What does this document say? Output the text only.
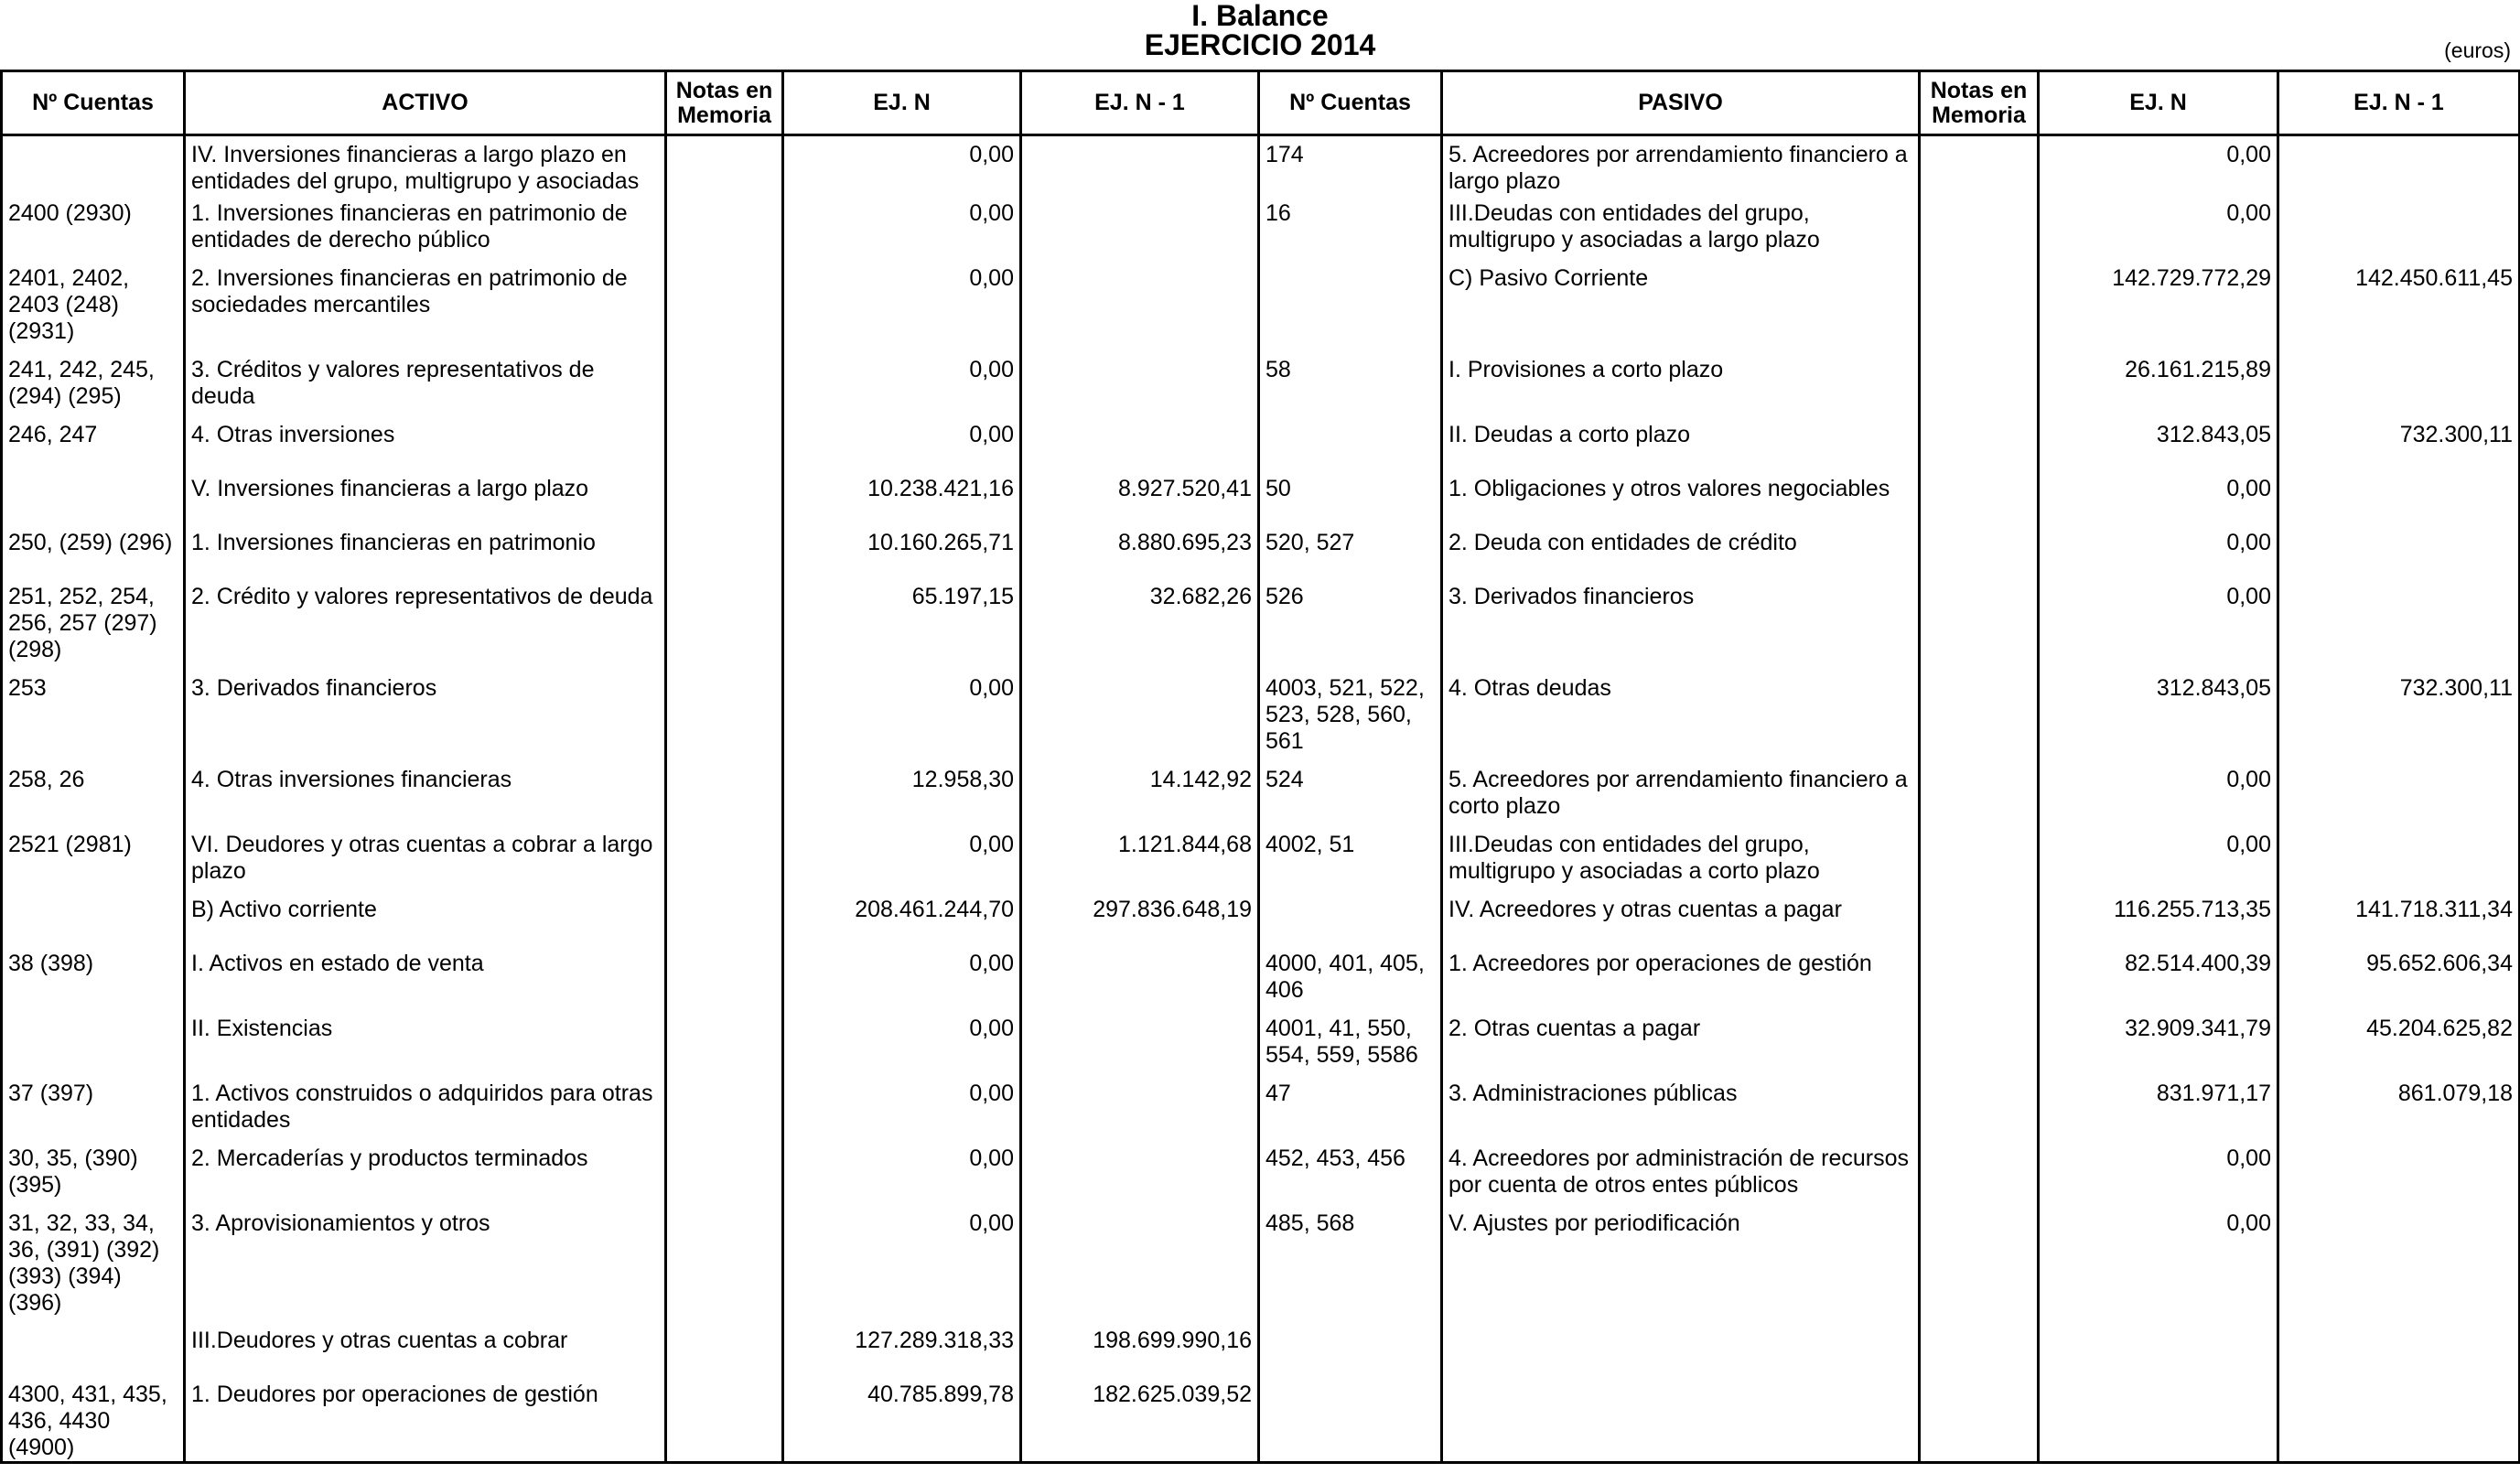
I. Balance
EJERCICIO 2014	(euros)
Nº Cuentas	ACTIVO	Notas en Memoria	EJ. N	EJ. N - 1	Nº Cuentas	PASIVO	Notas en Memoria	EJ. N	EJ. N - 1
	IV. Inversiones financieras a largo plazo en entidades del grupo, multigrupo y asociadas		0,00		174	5. Acreedores por arrendamiento financiero a largo plazo		0,00	
2400 (2930)	1. Inversiones financieras en patrimonio de entidades de derecho público		0,00		16	III.Deudas con entidades del grupo, multigrupo y asociadas a largo plazo		0,00	
2401, 2402, 2403 (248) (2931)	2. Inversiones financieras en patrimonio de sociedades mercantiles		0,00			C) Pasivo Corriente		142.729.772,29	142.450.611,45
241, 242, 245, (294) (295)	3. Créditos y valores representativos de deuda		0,00		58	I. Provisiones a corto plazo		26.161.215,89	
246, 247	4. Otras inversiones		0,00			II. Deudas a corto plazo		312.843,05	732.300,11
	V. Inversiones financieras a largo plazo		10.238.421,16	8.927.520,41	50	1. Obligaciones y otros valores negociables		0,00	
250, (259) (296)	1. Inversiones financieras en patrimonio		10.160.265,71	8.880.695,23	520, 527	2. Deuda con entidades de crédito		0,00	
251, 252, 254, 256, 257 (297) (298)	2. Crédito y valores representativos de deuda		65.197,15	32.682,26	526	3. Derivados financieros		0,00	
253	3. Derivados financieros		0,00		4003, 521, 522, 523, 528, 560, 561	4. Otras deudas		312.843,05	732.300,11
258, 26	4. Otras inversiones financieras		12.958,30	14.142,92	524	5. Acreedores por arrendamiento financiero a corto plazo		0,00	
2521 (2981)	VI. Deudores y otras cuentas a cobrar a largo plazo		0,00	1.121.844,68	4002, 51	III.Deudas con entidades del grupo, multigrupo y asociadas a corto plazo		0,00	
	B) Activo corriente		208.461.244,70	297.836.648,19		IV. Acreedores y otras cuentas a pagar		116.255.713,35	141.718.311,34
38 (398)	I. Activos en estado de venta		0,00		4000, 401, 405, 406	1. Acreedores por operaciones de gestión		82.514.400,39	95.652.606,34
	II. Existencias		0,00		4001, 41, 550, 554, 559, 5586	2. Otras cuentas a pagar		32.909.341,79	45.204.625,82
37 (397)	1. Activos construidos o adquiridos para otras entidades		0,00		47	3. Administraciones públicas		831.971,17	861.079,18
30, 35, (390) (395)	2. Mercaderías y productos terminados		0,00		452, 453, 456	4. Acreedores por administración de recursos por cuenta de otros entes públicos		0,00	
31, 32, 33, 34, 36, (391) (392) (393) (394) (396)	3. Aprovisionamientos y otros		0,00		485, 568	V. Ajustes por periodificación		0,00	
	III.Deudores y otras cuentas a cobrar		127.289.318,33	198.699.990,16					
4300, 431, 435, 436, 4430 (4900)	1. Deudores por operaciones de gestión		40.785.899,78	182.625.039,52					
